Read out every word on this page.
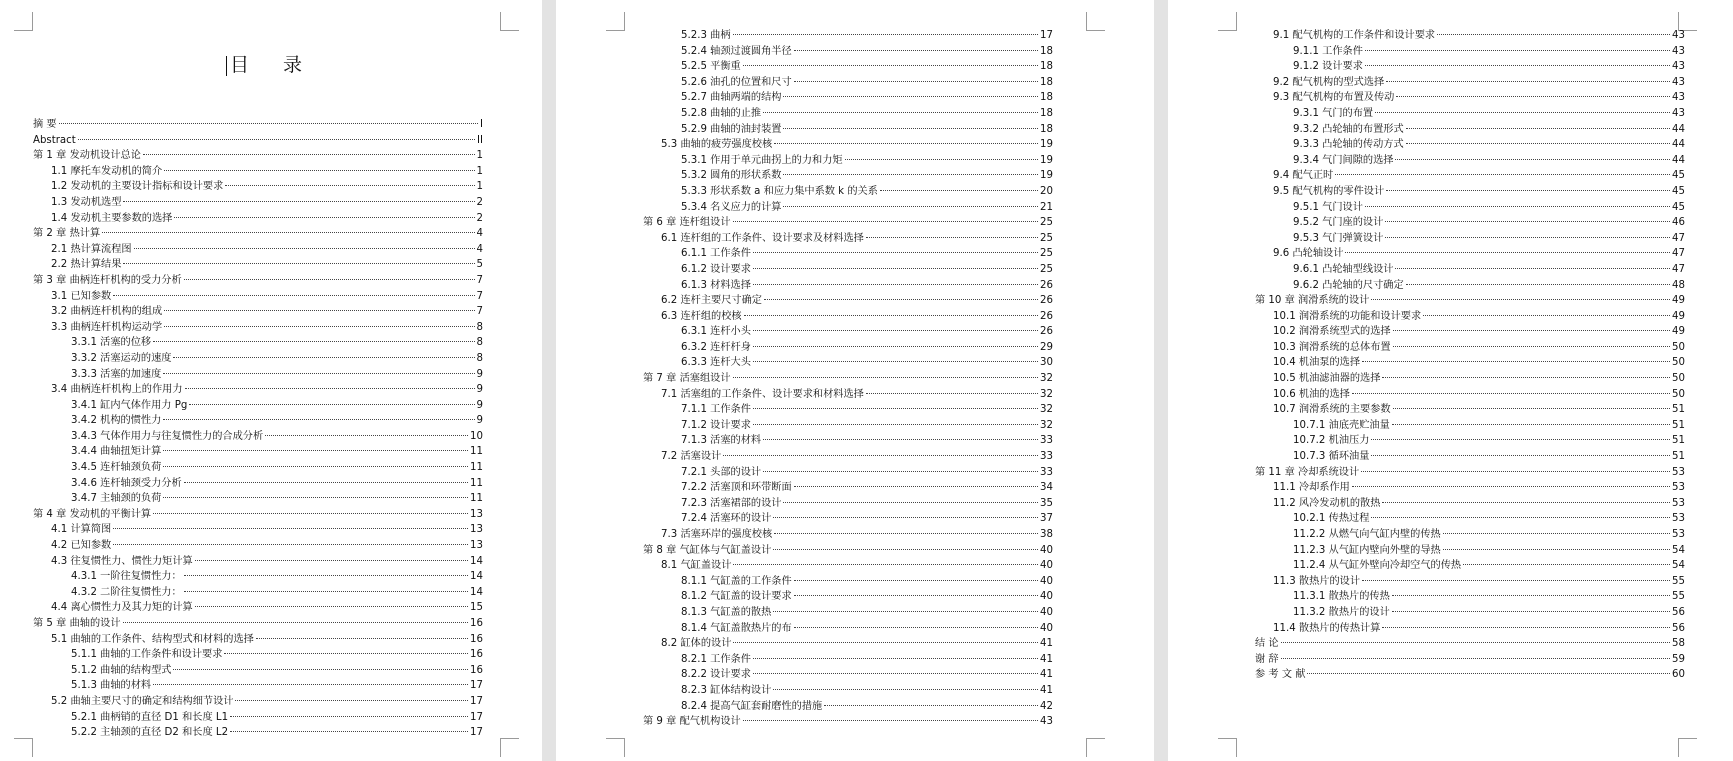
目 录
摘 要	I
Abstract	II
第 1 章 发动机设计总论	1
1.1 摩托车发动机的简介	1
1.2 发动机的主要设计指标和设计要求	1
1.3 发动机选型	2
1.4 发动机主要参数的选择	2
第 2 章 热计算	4
2.1 热计算流程图	4
2.2 热计算结果	5
第 3 章 曲柄连杆机构的受力分析	7
3.1 已知参数	7
3.2 曲柄连杆机构的组成	7
3.3 曲柄连杆机构运动学	8
3.3.1 活塞的位移	8
3.3.2 活塞运动的速度	8
3.3.3 活塞的加速度	9
3.4 曲柄连杆机构上的作用力	9
3.4.1 缸内气体作用力 Pg	9
3.4.2 机构的惯性力	9
3.4.3 气体作用力与往复惯性力的合成分析	10
3.4.4 曲轴扭矩计算	11
3.4.5 连杆轴颈负荷	11
3.4.6 连杆轴颈受力分析	11
3.4.7 主轴颈的负荷	11
第 4 章 发动机的平衡计算	13
4.1 计算简图	13
4.2 已知参数	13
4.3 往复惯性力、惯性力矩计算	14
4.3.1 一阶往复惯性力：	14
4.3.2 二阶往复惯性力：	14
4.4 离心惯性力及其力矩的计算	15
第 5 章 曲轴的设计	16
5.1 曲轴的工作条件、结构型式和材料的选择	16
5.1.1 曲轴的工作条件和设计要求	16
5.1.2 曲轴的结构型式	16
5.1.3 曲轴的材料	17
5.2 曲轴主要尺寸的确定和结构细节设计	17
5.2.1 曲柄销的直径 D1 和长度 L1	17
5.2.2 主轴颈的直径 D2 和长度 L2	17
5.2.3 曲柄	17
5.2.4 轴颈过渡圆角半径	18
5.2.5 平衡重	18
5.2.6 油孔的位置和尺寸	18
5.2.7 曲轴两端的结构	18
5.2.8 曲轴的止推	18
5.2.9 曲轴的油封装置	18
5.3 曲轴的疲劳强度校核	19
5.3.1 作用于单元曲拐上的力和力矩	19
5.3.2 圆角的形状系数	19
5.3.3 形状系数 a 和应力集中系数 k 的关系	20
5.3.4 名义应力的计算	21
第 6 章 连杆组设计	25
6.1 连杆组的工作条件、设计要求及材料选择	25
6.1.1 工作条件	25
6.1.2 设计要求	25
6.1.3 材料选择	26
6.2 连杆主要尺寸确定	26
6.3 连杆组的校核	26
6.3.1 连杆小头	26
6.3.2 连杆杆身	29
6.3.3 连杆大头	30
第 7 章 活塞组设计	32
7.1 活塞组的工作条件、设计要求和材料选择	32
7.1.1 工作条件	32
7.1.2 设计要求	32
7.1.3 活塞的材料	33
7.2 活塞设计	33
7.2.1 头部的设计	33
7.2.2 活塞顶和环带断面	34
7.2.3 活塞裙部的设计	35
7.2.4 活塞环的设计	37
7.3 活塞环岸的强度校核	38
第 8 章 气缸体与气缸盖设计	40
8.1 气缸盖设计	40
8.1.1 气缸盖的工作条件	40
8.1.2 气缸盖的设计要求	40
8.1.3 气缸盖的散热	40
8.1.4 气缸盖散热片的布	40
8.2 缸体的设计	41
8.2.1 工作条件	41
8.2.2 设计要求	41
8.2.3 缸体结构设计	41
8.2.4 提高气缸套耐磨性的措施	42
第 9 章 配气机构设计	43
9.1 配气机构的工作条件和设计要求	43
9.1.1 工作条件	43
9.1.2 设计要求	43
9.2 配气机构的型式选择	43
9.3 配气机构的布置及传动	43
9.3.1 气门的布置	43
9.3.2 凸轮轴的布置形式	44
9.3.3 凸轮轴的传动方式	44
9.3.4 气门间隙的选择	44
9.4 配气正时	45
9.5 配气机构的零件设计	45
9.5.1 气门设计	45
9.5.2 气门座的设计	46
9.5.3 气门弹簧设计	47
9.6 凸轮轴设计	47
9.6.1 凸轮轴型线设计	47
9.6.2 凸轮轴的尺寸确定	48
第 10 章 润滑系统的设计	49
10.1 润滑系统的功能和设计要求	49
10.2 润滑系统型式的选择	49
10.3 润滑系统的总体布置	50
10.4 机油泵的选择	50
10.5 机油滤油器的选择	50
10.6 机油的选择	50
10.7 润滑系统的主要参数	51
10.7.1 油底壳贮油量	51
10.7.2 机油压力	51
10.7.3 循环油量	51
第 11 章 冷却系统设计	53
11.1 冷却系作用	53
11.2 风冷发动机的散热	53
10.2.1 传热过程	53
11.2.2 从燃气向气缸内壁的传热	53
11.2.3 从气缸内壁向外壁的导热	54
11.2.4 从气缸外壁向冷却空气的传热	54
11.3 散热片的设计	55
11.3.1 散热片的传热	55
11.3.2 散热片的设计	56
11.4 散热片的传热计算	56
结 论	58
谢 辞	59
参 考 文 献	60
